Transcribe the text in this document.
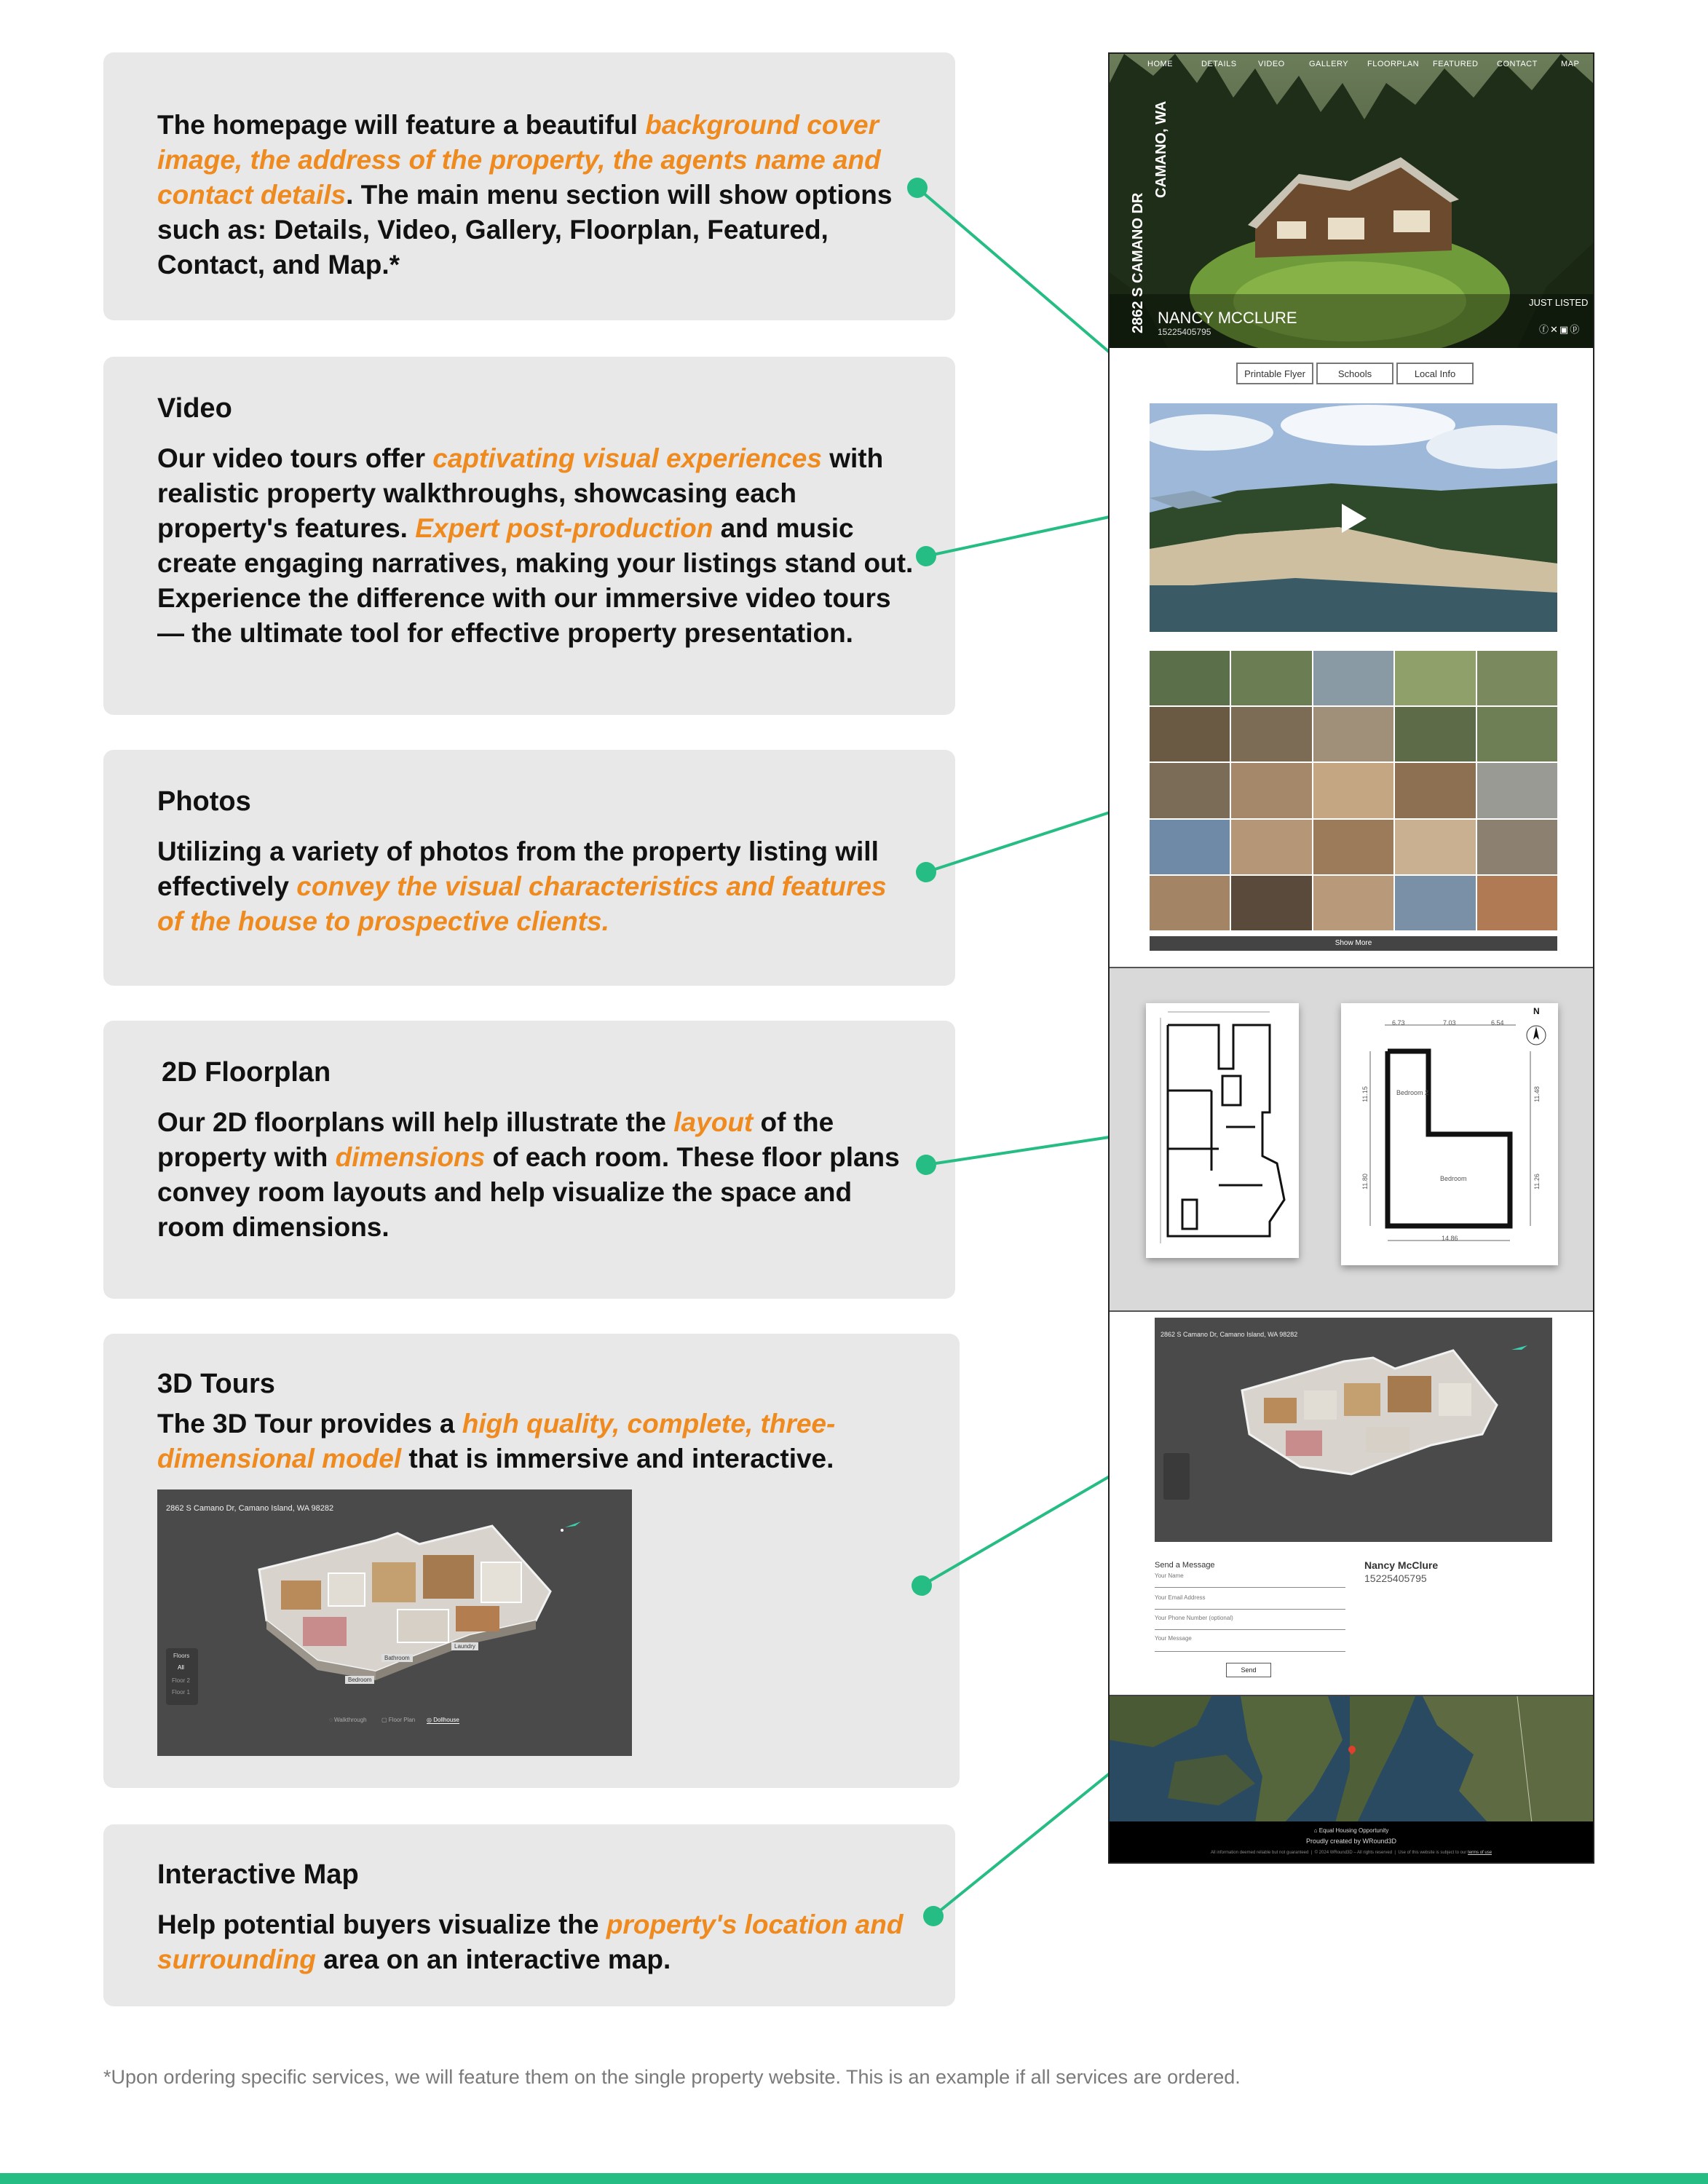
The homepage will feature a beautiful background cover image, the address of the property, the agents name and contact details. The main menu section will show options such as: Details, Video, Gallery, Floorplan, Featured, Contact, and Map.*

Video

Our video tours offer captivating visual experiences with realistic property walkthroughs, showcasing each property's features. Expert post-production and music create engaging narratives, making your listings stand out. Experience the difference with our immersive video tours — the ultimate tool for effective property presentation.

Photos

Utilizing a variety of photos from the property listing will effectively convey the visual characteristics and features of the house to prospective clients.

2D Floorplan

Our 2D floorplans will help illustrate the layout of the property with dimensions of each room. These floor plans convey room layouts and help visualize the space and room dimensions.

3D Tours

The 3D Tour provides a high quality, complete, three-dimensional model that is immersive and interactive.

2862 S Camano Dr, Camano Island, WA 98282
Bathroom
Bedroom
Laundry
Floors
All
Floor 2
Floor 1
◌ Walkthrough	▢ Floor Plan ◎ Dollhouse
Interactive Map

Help potential buyers visualize the property's location and surrounding area on an interactive map.

HOME	DETAILS	VIDEO	GALLERY FLOORPLAN FEATURED CONTACT	MAP
2862 S CAMANO DR
CAMANO, WA
NANCY MCCLURE
15225405795
JUST LISTED
ⓕ✕▣ⓟ
Printable Flyer	Schools	Local Info
Show More
6.73	7.03	6.54
11.15
11.80
11.48
11.26
14.86
Bedroom 2
Bedroom
N
2862 S Camano Dr, Camano Island, WA 98282
Send a Message
Your Name
Your Email Address
Your Phone Number (optional)
Your Message
Send
Nancy McClure
15225405795
⌂ Equal Housing Opportunity
Proudly created by WRound3D
All information deemed reliable but not guaranteed  |  © 2024 WRound3D – All rights reserved  |  Use of this website is subject to our terms of use

*Upon ordering specific services, we will feature them on the single property website. This is an example if all services are ordered.
